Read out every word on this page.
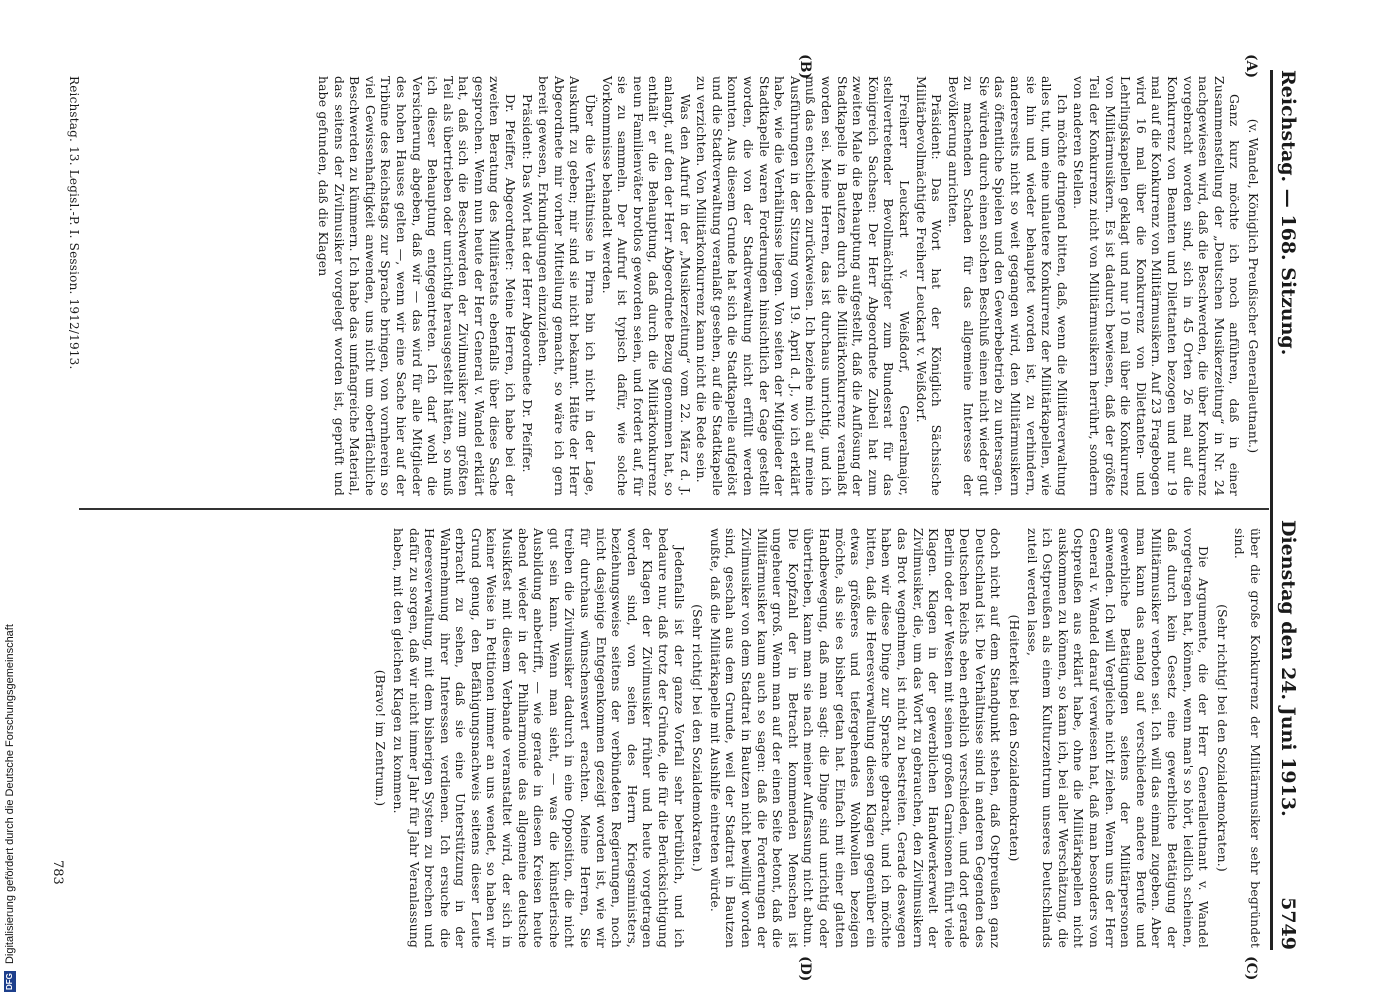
Reichstag. — 168. Sitzung.
Dienstag den 24. Juni 1913.
5749
(A)
(B)
(C)
(D)

(v. Wandel, Königlich Preußischer Generalleutnant.)

Ganz kurz möchte ich noch anführen, daß in einer Zusammenstellung der „Deutschen Musikerzeitung“ in Nr. 24 nachgewiesen wird, daß die Beschwerden, die über Konkurrenz vorgebracht worden sind, sich in 45 Orten 26 mal auf die Konkurrenz von Beamten und Dilettanten bezogen und nur 19 mal auf die Konkurrenz von Militärmusikern. Auf 23 Fragebogen wird 16 mal über die Konkurrenz von Dilettanten- und Lehrlingskapellen geklagt und nur 10 mal über die Konkurrenz von Militärmusikern. Es ist dadurch bewiesen, daß der größte Teil der Konkurrenz nicht von Militärmusikern herrührt, sondern von anderen Stellen.

Ich möchte dringend bitten, daß, wenn die Militärverwaltung alles tut, um eine unlautere Konkurrenz der Militärkapellen, wie sie hin und wieder behauptet worden ist, zu verhindern, andererseits nicht so weit gegangen wird, den Militärmusikern das öffentliche Spielen und den Gewerbebetrieb zu untersagen. Sie würden durch einen solchen Beschluß einen nicht wieder gut zu machenden Schaden für das allgemeine Interesse der Bevölkerung anrichten.

Präsident: Das Wort hat der Königlich Sächsische Militärbevollmächtigte Freiherr Leuckart v. Weißdorf.

Freiherr Leuckart v. Weißdorf, Generalmajor, stellvertretender Bevollmächtigter zum Bundesrat für das Königreich Sachsen: Der Herr Abgeordnete Zubeil hat zum zweiten Male die Behauptung aufgestellt, daß die Auflösung der Stadtkapelle in Bautzen durch die Militärkonkurrenz veranlaßt worden sei. Meine Herren, das ist durchaus unrichtig, und ich muß das entschieden zurückweisen. Ich beziehe mich auf meine Ausführungen in der Sitzung vom 19. April d. J., wo ich erklärt habe, wie die Verhältnisse liegen. Von seiten der Mitglieder der Stadtkapelle waren Forderungen hinsichtlich der Gage gestellt worden, die von der Stadtverwaltung nicht erfüllt werden konnten. Aus diesem Grunde hat sich die Stadtkapelle aufgelöst und die Stadtverwaltung veranlaßt gesehen, auf die Stadtkapelle zu verzichten. Von Militärkonkurrenz kann nicht die Rede sein.

Was den Aufruf in der „Musikerzeitung“ vom 22. März d. J. anlangt, auf den der Herr Abgeordnete Bezug genommen hat, so enthält er die Behauptung, daß durch die Militärkonkurrenz neun Familienväter brotlos geworden seien, und fordert auf, für sie zu sammeln. Der Aufruf ist typisch dafür, wie solche Vorkommnisse behandelt werden.

Über die Verhältnisse in Pirna bin ich nicht in der Lage, Auskunft zu geben; mir sind sie nicht bekannt. Hätte der Herr Abgeordnete mir vorher Mitteilung gemacht, so wäre ich gern bereit gewesen, Erkundigungen einzuziehen.

Präsident: Das Wort hat der Herr Abgeordnete Dr. Pfeiffer.

Dr. Pfeiffer, Abgeordneter: Meine Herren, ich habe bei der zweiten Beratung des Militäretats ebenfalls über diese Sache gesprochen. Wenn nun heute der Herr General v. Wandel erklärt hat, daß sich die Beschwerden der Zivilmusiker zum größten Teil als übertrieben oder unrichtig herausgestellt hätten, so muß ich dieser Behauptung entgegentreten. Ich darf wohl die Versicherung abgeben, daß wir — das wird für alle Mitglieder des hohen Hauses gelten —, wenn wir eine Sache hier auf der Tribüne des Reichstags zur Sprache bringen, von vornherein so viel Gewissenhaftigkeit anwenden, uns nicht um oberflächliche Beschwerden zu kümmern. Ich habe das umfangreiche Material, das seitens der Zivilmusiker vorgelegt worden ist, geprüft und habe gefunden, daß die Klagen

über die große Konkurrenz der Militärmusiker sehr begründet sind.

(Sehr richtig! bei den Sozialdemokraten.)

Die Argumente, die der Herr Generalleutnant v. Wandel vorgetragen hat, können, wenn man's so hört, leidlich scheinen, daß durch kein Gesetz eine gewerbliche Betätigung der Militärmusiker verboten sei. Ich will das einmal zugeben. Aber man kann das analog auf verschiedene andere Berufe und gewerbliche Betätigungen seitens der Militärpersonen anwenden. Ich will Vergleiche nicht ziehen. Wenn uns der Herr General v. Wandel darauf verwiesen hat, daß man besonders von Ostpreußen aus erklärt habe, ohne die Militärkapellen nicht auskommen zu können, so kann ich, bei aller Werschätzung, die ich Ostpreußen als einem Kulturzentrum unseres Deutschlands zuteil werden lasse,

(Heiterkeit bei den Sozialdemokraten)

doch nicht auf dem Standpunkt stehen, daß Ostpreußen ganz Deutschland ist. Die Verhältnisse sind in anderen Gegenden des Deutschen Reichs eben erheblich verschieden, und dort gerade Berlin oder der Westen mit seinen großen Garnisonen führt viele Klagen. Klagen in der gewerblichen Handwerkerwelt der Zivilmusiker, die, um das Wort zu gebrauchen, den Zivilmusikern das Brot wegnehmen, ist nicht zu bestreiten. Gerade deswegen haben wir diese Dinge zur Sprache gebracht, und ich möchte bitten, daß die Heeresverwaltung diesen Klagen gegenüber ein etwas größeres und tiefergehendes Wohlwollen bezeigen möchte, als sie es bisher getan hat. Einfach mit einer glatten Handbewegung, daß man sagt: die Dinge sind unrichtig oder übertrieben, kann man sie nach meiner Auffassung nicht abtun. Die Kopfzahl der in Betracht kommenden Menschen ist ungeheuer groß. Wenn man auf der einen Seite betont, daß die Militärmusiker kaum auch so sagen: daß die Forderungen der Zivilmusiker von dem Stadtrat in Bautzen nicht bewilligt worden sind, geschah aus dem Grunde, weil der Stadtrat in Bautzen wußte, daß die Militärkapelle mit Aushilfe eintreten würde.

(Sehr richtig! bei den Sozialdemokraten.)

Jedenfalls ist der ganze Vorfall sehr betrüblich, und ich bedaure nur, daß trotz der Gründe, die für die Berücksichtigung der Klagen der Zivilmusiker früher und heute vorgetragen worden sind, von seiten des Herrn Kriegsministers, beziehungsweise seitens der verbündeten Regierungen, noch nicht dasjenige Entgegenkommen gezeigt worden ist, wie wir für durchaus wünschenswert erachten. Meine Herren, Sie treiben die Zivilmusiker dadurch in eine Opposition, die nicht gut sein kann. Wenn man sieht, — was die künstlerische Ausbildung anbetrifft, — wie gerade in diesen Kreisen heute abend wieder in der Philharmonie das allgemeine deutsche Musikfest mit diesem Verbande veranstaltet wird, der sich in keiner Weise in Petitionen immer an uns wendet, so haben wir Grund genug, den Befähigungsnachweis seitens dieser Leute erbracht zu sehen, daß sie eine Unterstützung in der Wahrnehmung ihrer Interessen verdienen. Ich ersuche die Heeresverwaltung, mit dem bisherigen System zu brechen und dafür zu sorgen, daß wir nicht immer Jahr für Jahr Veranlassung haben, mit den gleichen Klagen zu kommen.

(Bravo! im Zentrum.)

Reichstag. 13. Legisl.-P. I. Session. 1912/1913.
783
DFG Digitalisierung gefördert durch die Deutsche Forschungsgemeinschaft
